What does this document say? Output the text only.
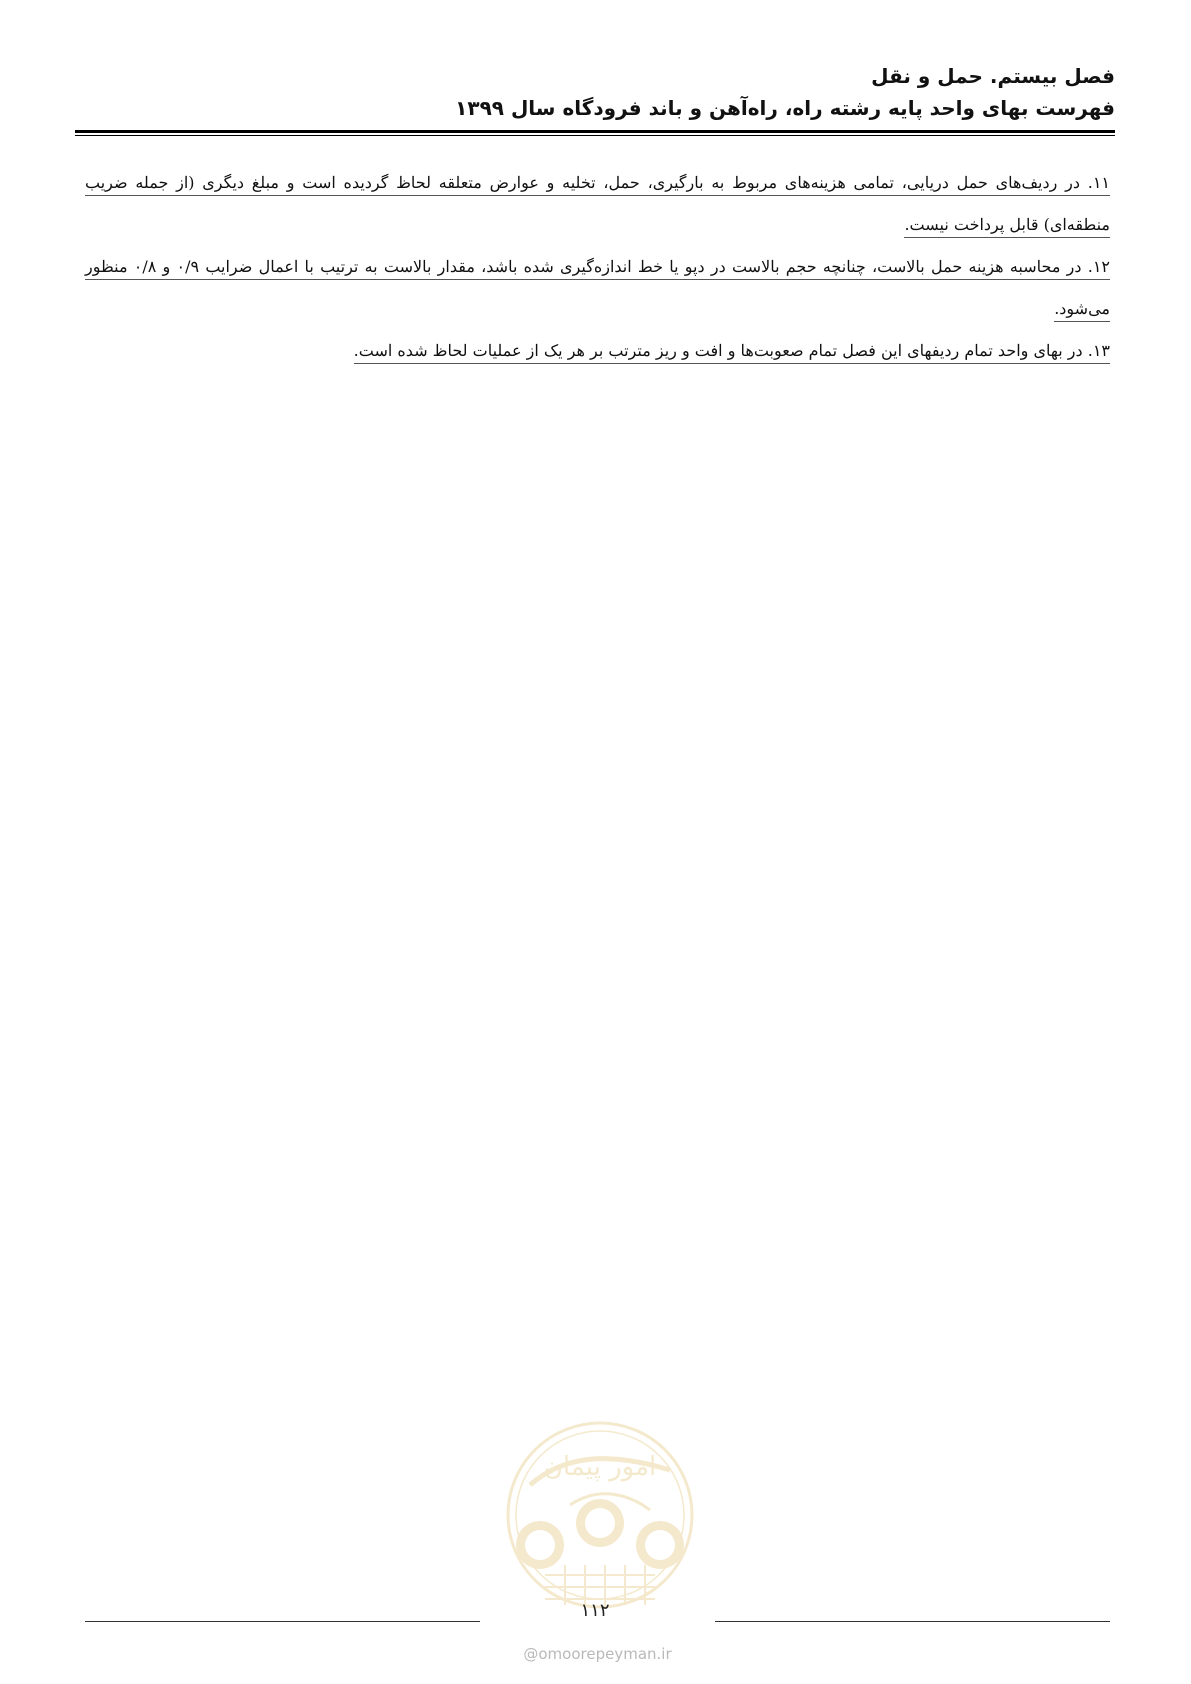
فصل بیستم. حمل و نقل
فهرست بهای واحد پایه رشته راه، راه‌آهن و باند فرودگاه سال ۱۳۹۹

۱۱. در ردیف‌های حمل دریایی، تمامی هزینه‌های مربوط به بارگیری، حمل، تخلیه و عوارض متعلقه لحاظ گردیده است و مبلغ دیگری (از جمله ضریب منطقه‌ای) قابل پرداخت نیست.

۱۲. در محاسبه هزینه حمل بالاست، چنانچه حجم بالاست در دپو یا خط اندازه‌گیری شده باشد، مقدار بالاست به ترتیب با اعمال ضرایب ۰/۹ و ۰/۸ منظور می‌شود.

۱۳. در بهای واحد تمام ردیفهای این فصل تمام صعوبت‌ها و افت و ریز مترتب بر هر یک از عملیات لحاظ شده است.

امور پیمان
۱۱۲
@omoorepeyman.ir
